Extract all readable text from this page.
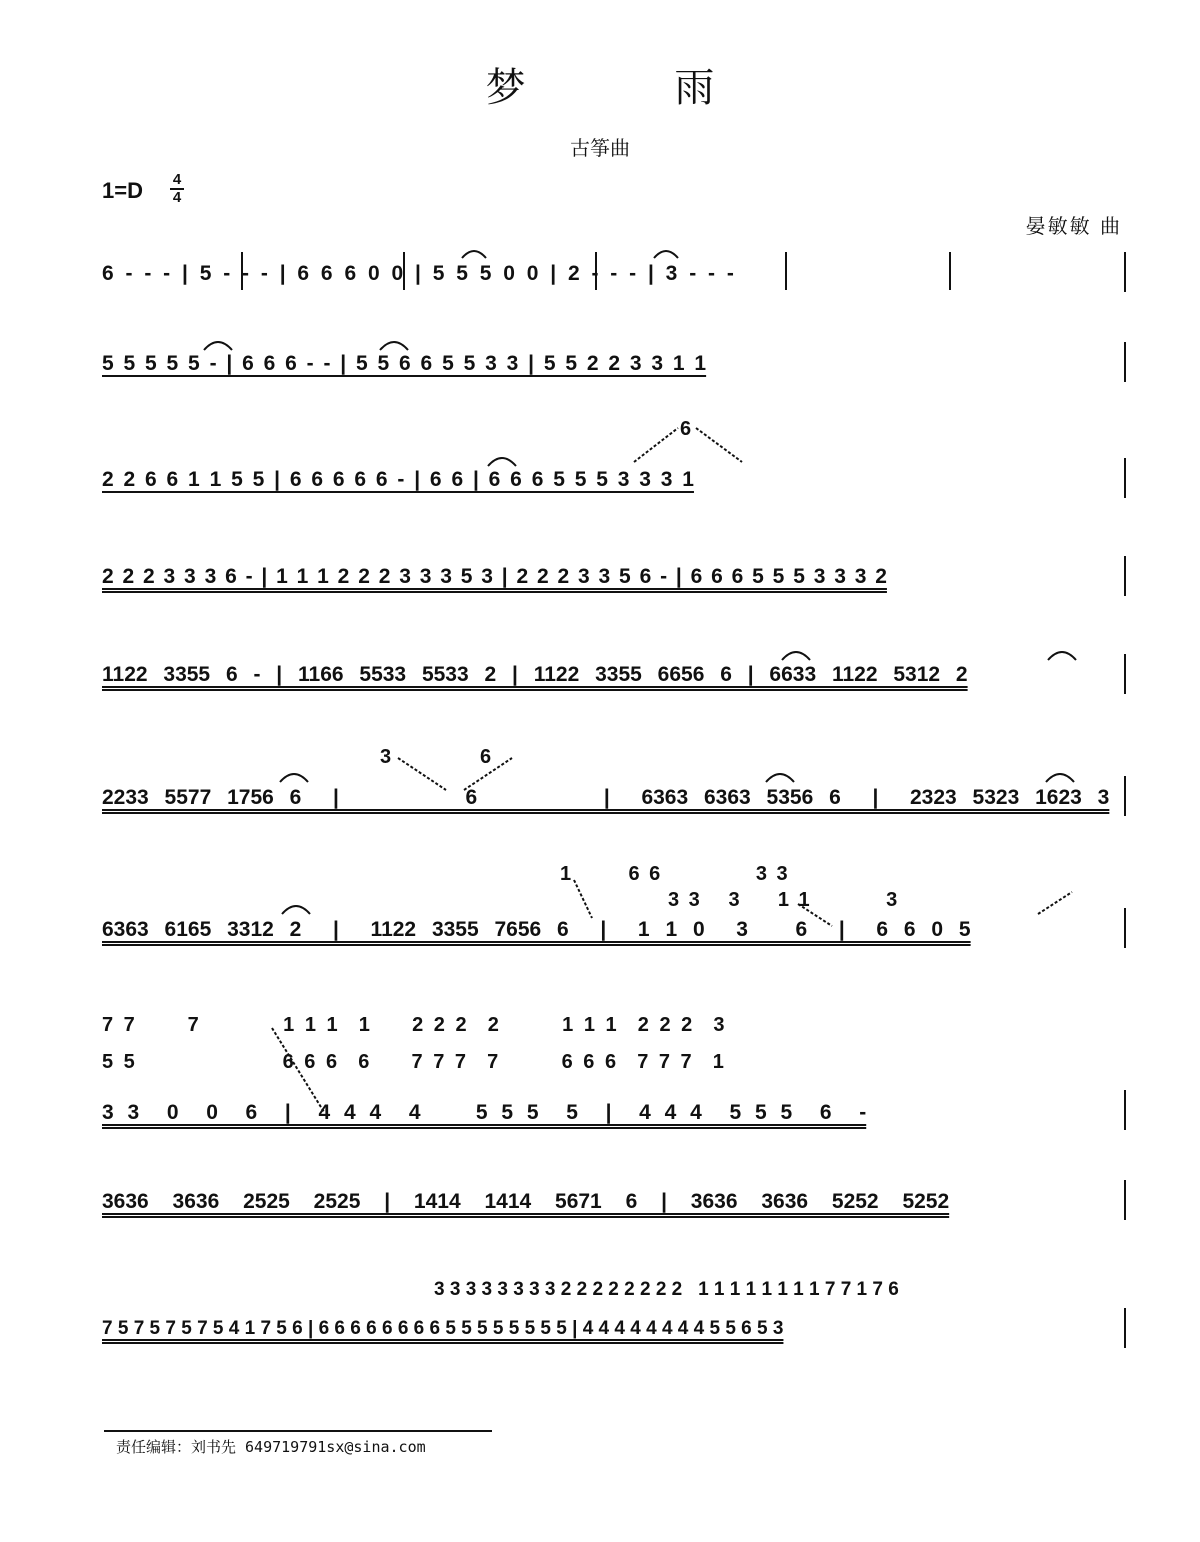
梦 雨
古筝曲
1=D 4
4
晏敏敏 曲
6 - - - | 5 - - - | 6 6 6 0 0 | 5 5 5 0 0 | 2 - - - | 3 - - -
5 5 5 5 5 - | 6 6 6 - - | 5 5 6 6 5 5 3 3 | 5 5 2 2 3 3 1 1
6
2 2 6 6 1 1 5 5 | 6 6 6 6 6 - | 6 6 | 6 6 6 5 5 5 3 3 3 1
2 2 2 3 3 3 6 - | 1 1 1 2 2 2 3 3 3 5 3 | 2 2 2 3 3 5 6 - | 6 6 6 5 5 5 3 3 3 2
1122 3355 6 - | 1166 5533 5533 2 | 1122 3355 6656 6 | 6633 1122 5312 2
3                6
2233 5577 1756 6  |        6        |  6363 6363 5356 6  |  2323 5323 1623 3
1      6 6          3 3
3 3   3    1 1        3
6363 6165 3312 2  |  1122 3355 7656 6  |  1 1 0  3   6  |  6 6 0 5
7 7     7        1 1 1  1    2 2 2  2      1 1 1  2 2 2  3
5 5              6 6 6  6    7 7 7  7      6 6 6  7 7 7  1
3 3  0  0  6  |  4 4 4  4    5 5 5  5  |  4 4 4  5 5 5  6  -
3636 3636 2525 2525 | 1414 1414 5671 6 | 3636 3636 5252 5252
3 3 3 3 3 3 3 3 2 2 2 2 2 2 2 2   1 1 1 1 1 1 1 1 7 7 1 7 6
7 5 7 5 7 5 7 5 4 1 7 5 6 | 6 6 6 6 6 6 6 6 5 5 5 5 5 5 5 5 | 4 4 4 4 4 4 4 4 5 5 6 5 3
责任编辑：刘书先 649719791sx@sina.com
